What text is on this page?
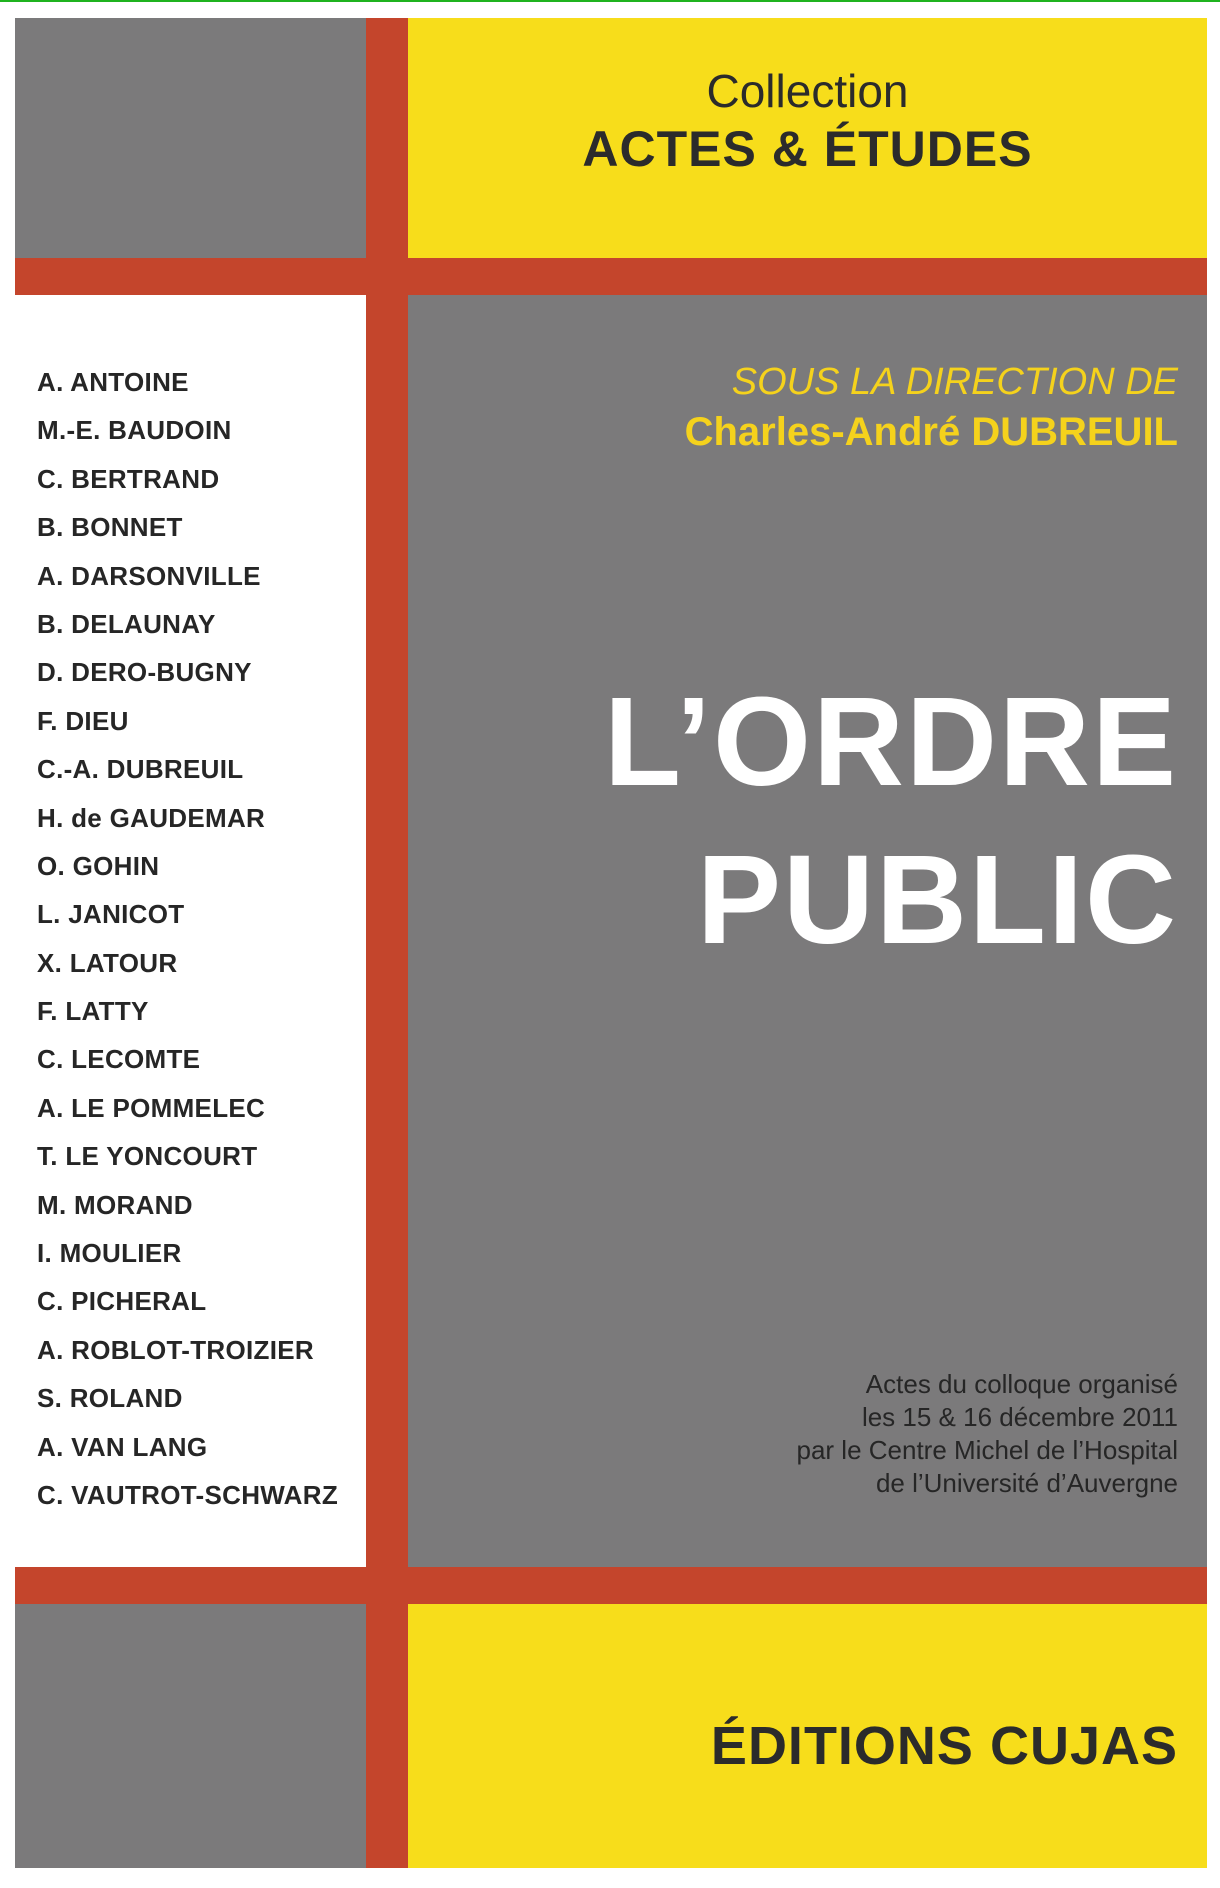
Collection
ACTES & ÉTUDES
A. ANTOINE
M.-E. BAUDOIN
C. BERTRAND
B. BONNET
A. DARSONVILLE
B. DELAUNAY
D. DERO-BUGNY
F. DIEU
C.-A. DUBREUIL
H. de GAUDEMAR
O. GOHIN
L. JANICOT
X. LATOUR
F. LATTY
C. LECOMTE
A. LE POMMELEC
T. LE YONCOURT
M. MORAND
I. MOULIER
C. PICHERAL
A. ROBLOT-TROIZIER
S. ROLAND
A. VAN LANG
C. VAUTROT-SCHWARZ
SOUS LA DIRECTION DE
Charles-André DUBREUIL
L’ORDRE
PUBLIC
Actes du colloque organisé
les 15 & 16 décembre 2011
par le Centre Michel de l’Hospital
de l’Université d’Auvergne
ÉDITIONS CUJAS
